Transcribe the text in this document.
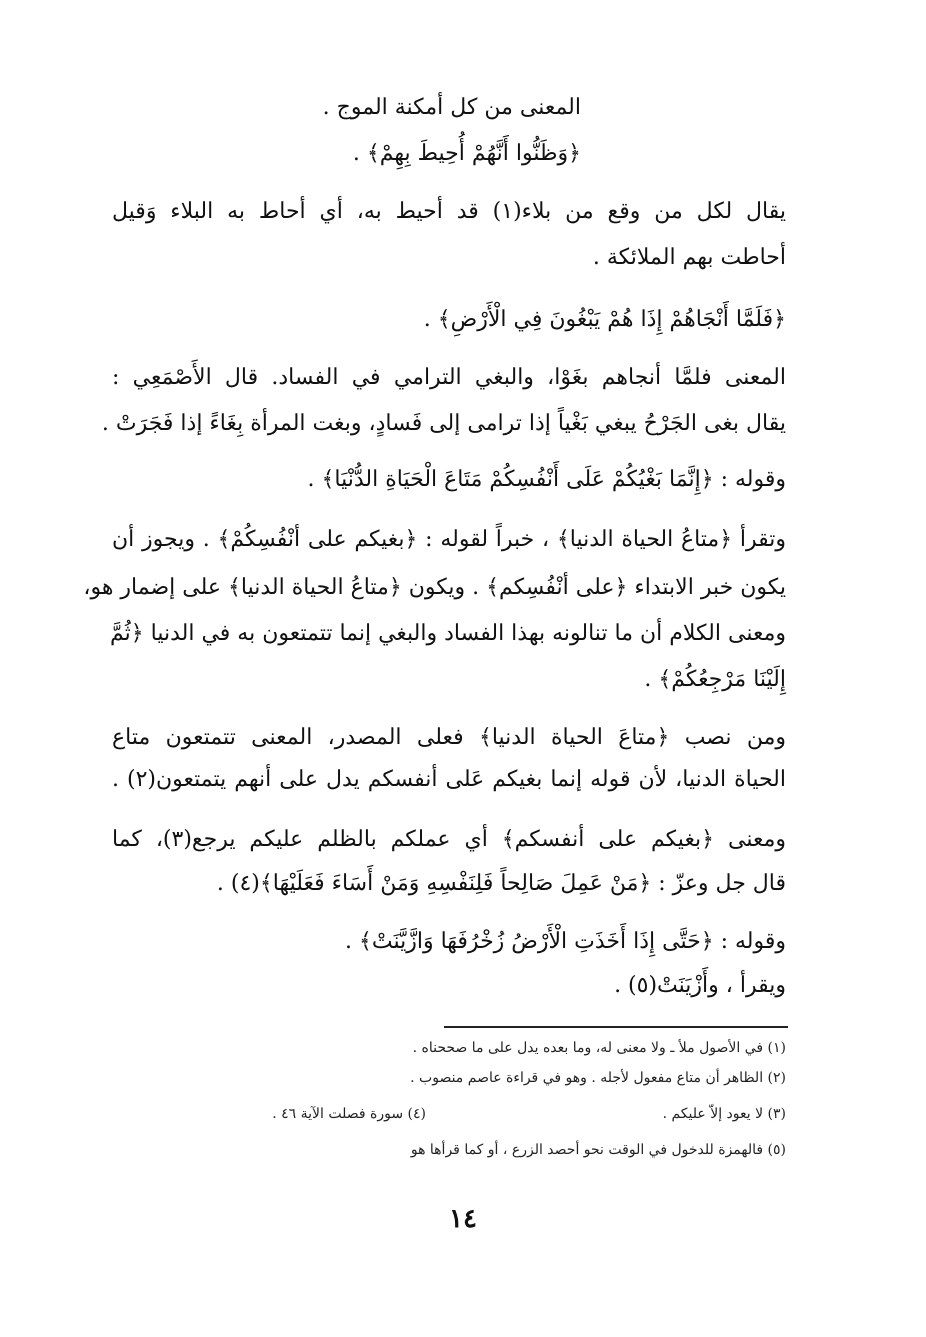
المعنى من كل أمكنة الموج .
﴿وَظَنُّوا أَنَّهُمْ أُحِيطَ بِهِمْ﴾ .
يقال لكل من وقع من بلاء(١) قد أحيط به، أي أحاط به البلاء وَقيل
أحاطت بهم الملائكة .
﴿فَلَمَّا أَنْجَاهُمْ إِذَا هُمْ يَبْغُونَ فِي الْأَرْضِ﴾ .
المعنى فلمَّا أنجاهم بغَوْا، والبغي الترامي في الفساد. قال الأَصْمَعِي :
يقال بغى الجَرْحُ يبغي بَغْياً إذا ترامى إلى فَسادٍ، وبغت المرأة بِغَاءً إذا فَجَرَتْ .
وقوله : ﴿إِنَّمَا بَغْيُكُمْ عَلَى أَنْفُسِكُمْ مَتَاعَ الْحَيَاةِ الدُّنْيَا﴾ .
وتقرأ ﴿متاعُ الحياة الدنيا﴾ ، خبراً لقوله : ﴿بغيكم على أنْفُسِكُمْ﴾ . ويجوز أن
يكون خبر الابتداء ﴿على أنْفُسِكم﴾ . ويكون ﴿متاعُ الحياة الدنيا﴾ على إضمار هو،
ومعنى الكلام أن ما تنالونه بهذا الفساد والبغي إنما تتمتعون به في الدنيا ﴿ثُمَّ
إِلَيْنَا مَرْجِعُكُمْ﴾ .
ومن نصب ﴿متاعَ الحياة الدنيا﴾ فعلى المصدر، المعنى تتمتعون متاع
الحياة الدنيا، لأن قوله إنما بغيكم عَلى أنفسكم يدل على أنهم يتمتعون(٢) .
ومعنى ﴿بغيكم على أنفسكم﴾ أي عملكم بالظلم عليكم يرجع(٣)، كما
قال جل وعزّ : ﴿مَنْ عَمِلَ صَالِحاً فَلِنَفْسِهِ وَمَنْ أَسَاءَ فَعَلَيْهَا﴾(٤) .
وقوله : ﴿حَتَّى إِذَا أَخَذَتِ الْأَرْضُ زُخْرُفَهَا وَازَّيَّنَتْ﴾ .
ويقرأ ، وأَزْيَنَتْ(٥) .
(١) في الأصول ملأ ـ ولا معنى له، وما بعده يدل على ما صححناه .
(٢) الظاهر أن متاع مفعول لأجله . وهو في قراءة عاصم منصوب .
(٣) لا يعود إلاّ عليكم .
(٤) سورة فصلت الآية ٤٦ .
(٥) فالهمزة للدخول في الوقت نحو أحصد الزرع ، أو كما قرأها هو
١٤
